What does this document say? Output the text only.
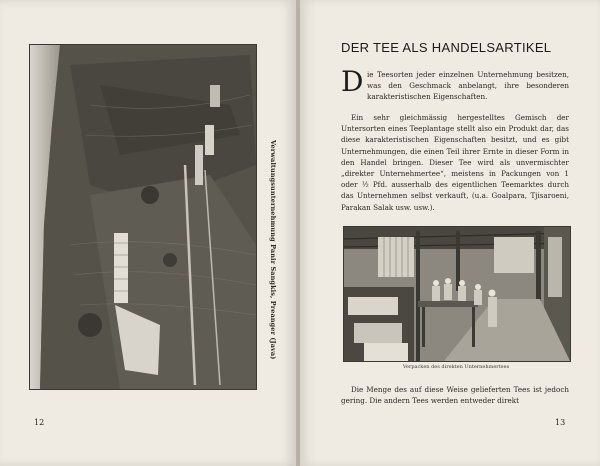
Verwaltungsunternehmung Panir Sangkis, Preanger (Java)
12
DER TEE ALS HANDELSARTIKEL
D ie Teesorten jeder einzelnen Unternehmung besitzen, was den Geschmack anbelangt, ihre besonderen karakteristischen Eigenschaften.
Ein sehr gleichmässig hergestelltes Gemisch der Untersorten eines Teeplantage stellt also ein Produkt dar, das diese karakteristischen Eigenschaften besitzt, und es gibt Unternehmungen, die einen Teil ihrer Ernte in dieser Form in den Handel bringen. Dieser Tee wird als unvermischter „direkter Unternehmertee“, meistens in Packungen von 1 oder ½ Pfd. ausserhalb des eigentlichen Teemarktes durch das Unternehmen selbst verkauft, (u.a. Goalpara, Tjisaroeni, Parakan Salak usw. usw.).
Verpacken des direkten Unternehmertees
Die Menge des auf diese Weise gelieferten Tees ist jedoch gering. Die andern Tees werden entweder direkt
13
